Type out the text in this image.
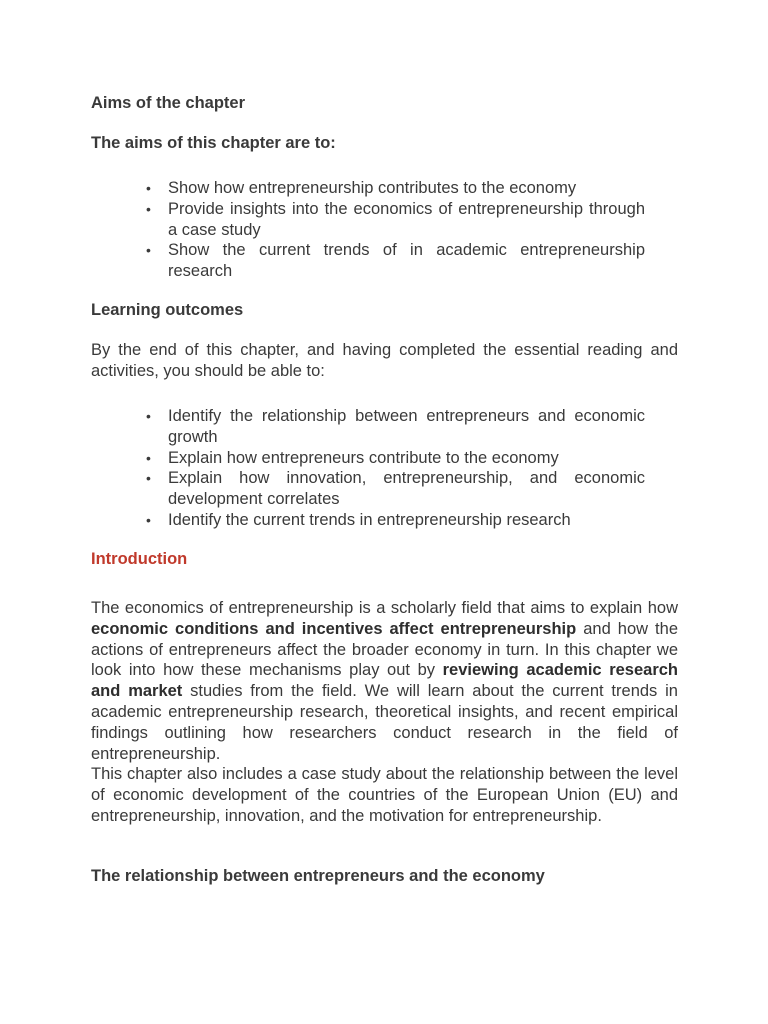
Aims of the chapter
The aims of this chapter are to:
• Show how entrepreneurship contributes to the economy
• Provide insights into the economics of entrepreneurship through a case study
• Show the current trends of in academic entrepreneurship research
Learning outcomes

By the end of this chapter, and having completed the essential reading and activities, you should be able to:

• Identify the relationship between entrepreneurs and economic growth
• Explain how entrepreneurs contribute to the economy
• Explain how innovation, entrepreneurship, and economic development correlates
• Identify the current trends in entrepreneurship research
Introduction

The economics of entrepreneurship is a scholarly field that aims to explain how economic conditions and incentives affect entrepreneurship and how the actions of entrepreneurs affect the broader economy in turn. In this chapter we look into how these mechanisms play out by reviewing academic research and market studies from the field. We will learn about the current trends in academic entrepreneurship research, theoretical insights, and recent empirical findings outlining how researchers conduct research in the field of entrepreneurship.

This chapter also includes a case study about the relationship between the level of economic development of the countries of the European Union (EU) and entrepreneurship, innovation, and the motivation for entrepreneurship.

The relationship between entrepreneurs and the economy
